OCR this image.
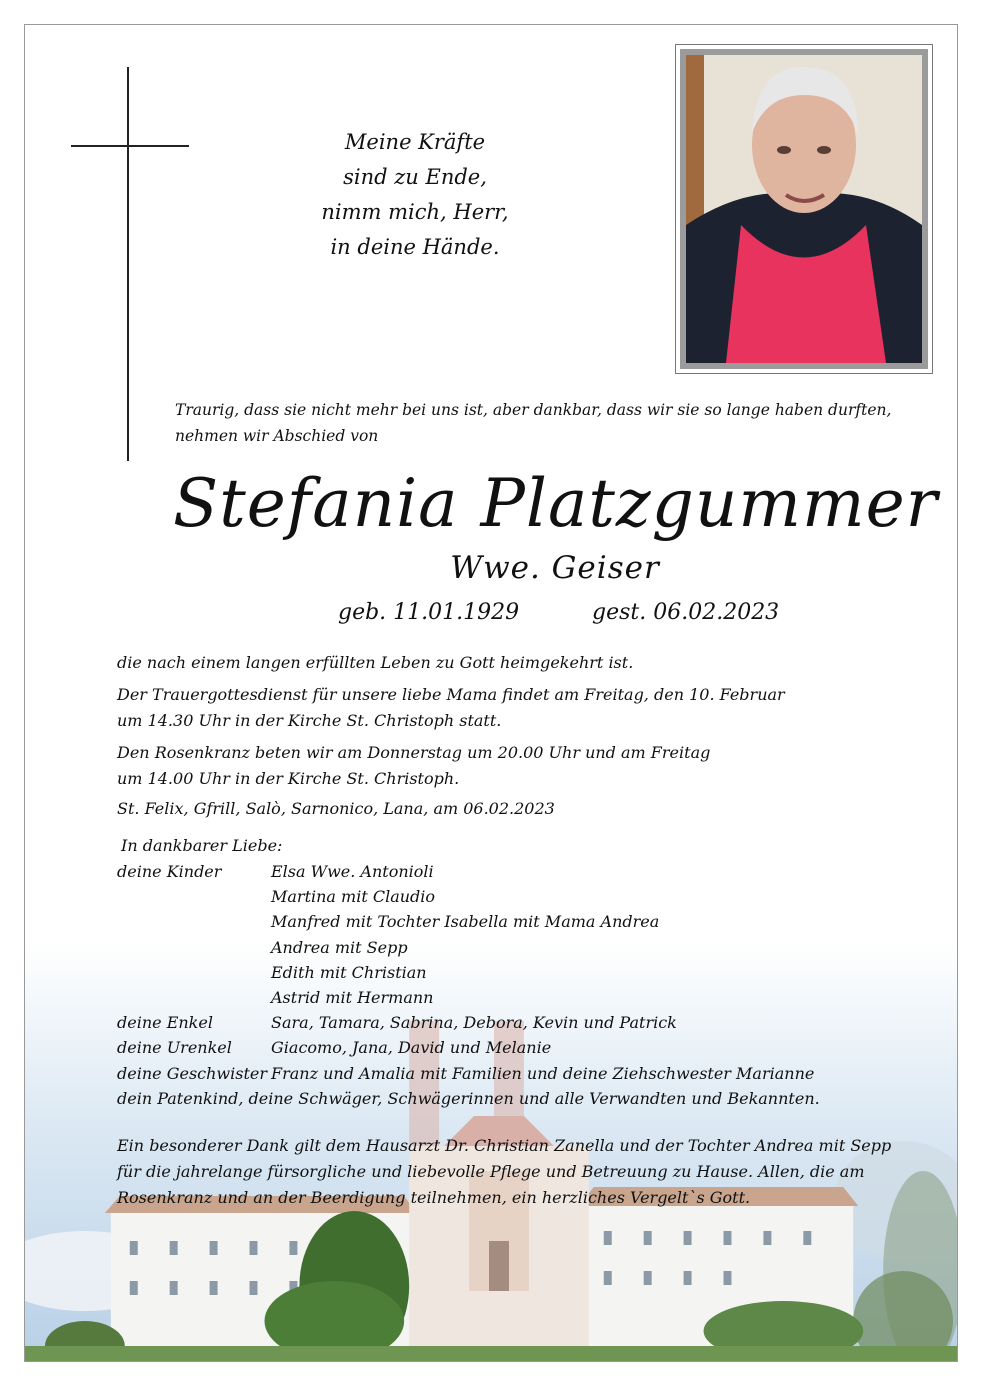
Meine Kräfte
sind zu Ende,
nimm mich, Herr,
in deine Hände.
Traurig, dass sie nicht mehr bei uns ist, aber dankbar, dass wir sie so lange haben durften,
nehmen wir Abschied von
Stefania Platzgummer
Wwe. Geiser
geb. 11.01.1929	gest. 06.02.2023
die nach einem langen erfüllten Leben zu Gott heimgekehrt ist.
Der Trauergottesdienst für unsere liebe Mama findet am Freitag, den 10. Februar
um 14.30 Uhr in der Kirche St. Christoph statt.
Den Rosenkranz beten wir am Donnerstag um 20.00 Uhr und am Freitag
um 14.00 Uhr in der Kirche St. Christoph.
St. Felix, Gfrill, Salò, Sarnonico, Lana, am 06.02.2023
In dankbarer Liebe:
deine Kinder	Elsa Wwe. Antonioli
Martina mit Claudio
Manfred mit Tochter Isabella mit Mama Andrea
Andrea mit Sepp
Edith mit Christian
Astrid mit Hermann
deine Enkel	Sara, Tamara, Sabrina, Debora, Kevin und Patrick
deine Urenkel Giacomo, Jana, David und Melanie
deine Geschwister Franz und Amalia mit Familien und deine Ziehschwester Marianne
dein Patenkind, deine Schwäger, Schwägerinnen und alle Verwandten und Bekannten.
Ein besonderer Dank gilt dem Hausarzt Dr. Christian Zanella und der Tochter Andrea mit Sepp
für die jahrelange fürsorgliche und liebevolle Pflege und Betreuung zu Hause. Allen, die am
Rosenkranz und an der Beerdigung teilnehmen, ein herzliches Vergelt`s Gott.
